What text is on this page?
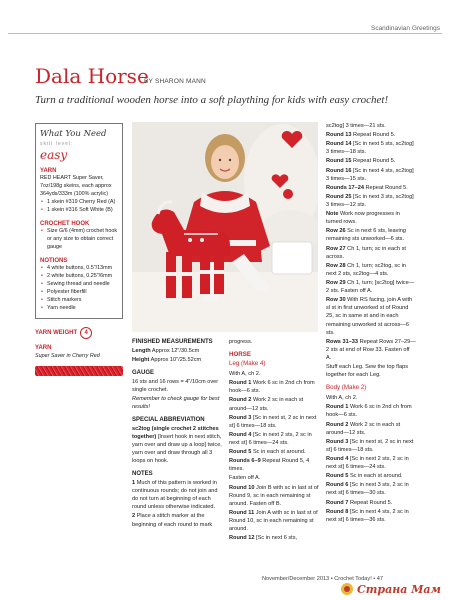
Scandinavian Greetings
Dala Horse
BY SHARON MANN
Turn a traditional wooden horse into a soft plaything for kids with easy crochet!
What You Need
skill level:
easy
YARN
RED HEART Super Saver,
7oz/198g skeins, each approx
364yds/333m (100% acrylic)
• 1 skein #319 Cherry Red (A)
• 1 skein #316 Soft White (B)
CROCHET HOOK
• Size G/6 (4mm) crochet hook or any size to obtain correct gauge
NOTIONS
• 4 white buttons, 0.5"/13mm
• 2 white buttons, 0.25"/6mm
• Sewing thread and needle
• Polyester fiberfill
• Stitch markers
• Yarn needle
YARN WEIGHT	4
YARN
Super Saver in Cherry Red
FINISHED MEASUREMENTS
Length Approx 12"/30.5cm
Height Approx 10"/25.52cm
GAUGE
16 sts and 16 rows = 4"/10cm over single crochet.
Remember to check gauge for best results!
SPECIAL ABBREVIATION
sc2tog (single crochet 2 stitches together) [Insert hook in next stitch, yarn over and draw up a loop] twice, yarn over and draw through all 3 loops on hook.
NOTES
1 Much of this pattern is worked in continuous rounds; do not join and do not turn at beginning of each round unless otherwise indicated.
2 Place a stitch marker at the beginning of each round to mark
progress.
HORSE
Leg (Make 4)
With A, ch 2.
Round 1 Work 6 sc in 2nd ch from hook—6 sts.
Round 2 Work 2 sc in each st around—12 sts.
Round 3 [Sc in next st, 2 sc in next st] 6 times—18 sts.
Round 4 [Sc in next 2 sts, 2 sc in next st] 6 times—24 sts.
Round 5 Sc in each st around.
Rounds 6–9 Repeat Round 5, 4 times.
Fasten off A.
Round 10 Join B with sc in last st of Round 9, sc in each remaining st around. Fasten off B.
Round 11 Join A with sc in last st of Round 10, sc in each remaining st around.
Round 12 [Sc in next 6 sts,
sc2tog] 3 times—21 sts.
Round 13 Repeat Round 5.
Round 14 [Sc in next 5 sts, sc2tog] 3 times—18 sts.
Round 15 Repeat Round 5.
Round 16 [Sc in next 4 sts, sc2tog] 3 times—15 sts.
Rounds 17–24 Repeat Round 5.
Round 25 [Sc in next 3 sts, sc2tog] 3 times—12 sts.
Note Work now progresses in turned rows.
Row 26 Sc in next 6 sts, leaving remaining sts unworked—6 sts.
Row 27 Ch 1, turn; sc in each st across.
Row 28 Ch 1, turn; sc2tog, sc in next 2 sts, sc2tog—4 sts.
Row 29 Ch 1, turn; [sc2tog] twice—2 sts. Fasten off A.
Row 30 With RS facing, join A with sl st in first unworked st of Round 25, sc in same st and in each remaining unworked st across—6 sts.
Rows 31–33 Repeat Rows 27–29—2 sts at end of Row 33. Fasten off A.
Stuff each Leg. Sew the top flaps together for each Leg.
Body (Make 2)
With A, ch 2.
Round 1 Work 6 sc in 2nd ch from hook—6 sts.
Round 2 Work 2 sc in each st around—12 sts.
Round 3 [Sc in next st, 2 sc in next st] 6 times—18 sts.
Round 4 [Sc in next 2 sts, 2 sc in next st] 6 times—24 sts.
Round 5 Sc in each st around.
Round 6 [Sc in next 3 sts, 2 sc in next st] 6 times—30 sts.
Round 7 Repeat Round 5.
Round 8 [Sc in next 4 sts, 2 sc in next st] 6 times—36 sts.
November/December 2013 • Crochet Today! • 47
Страна Мам
